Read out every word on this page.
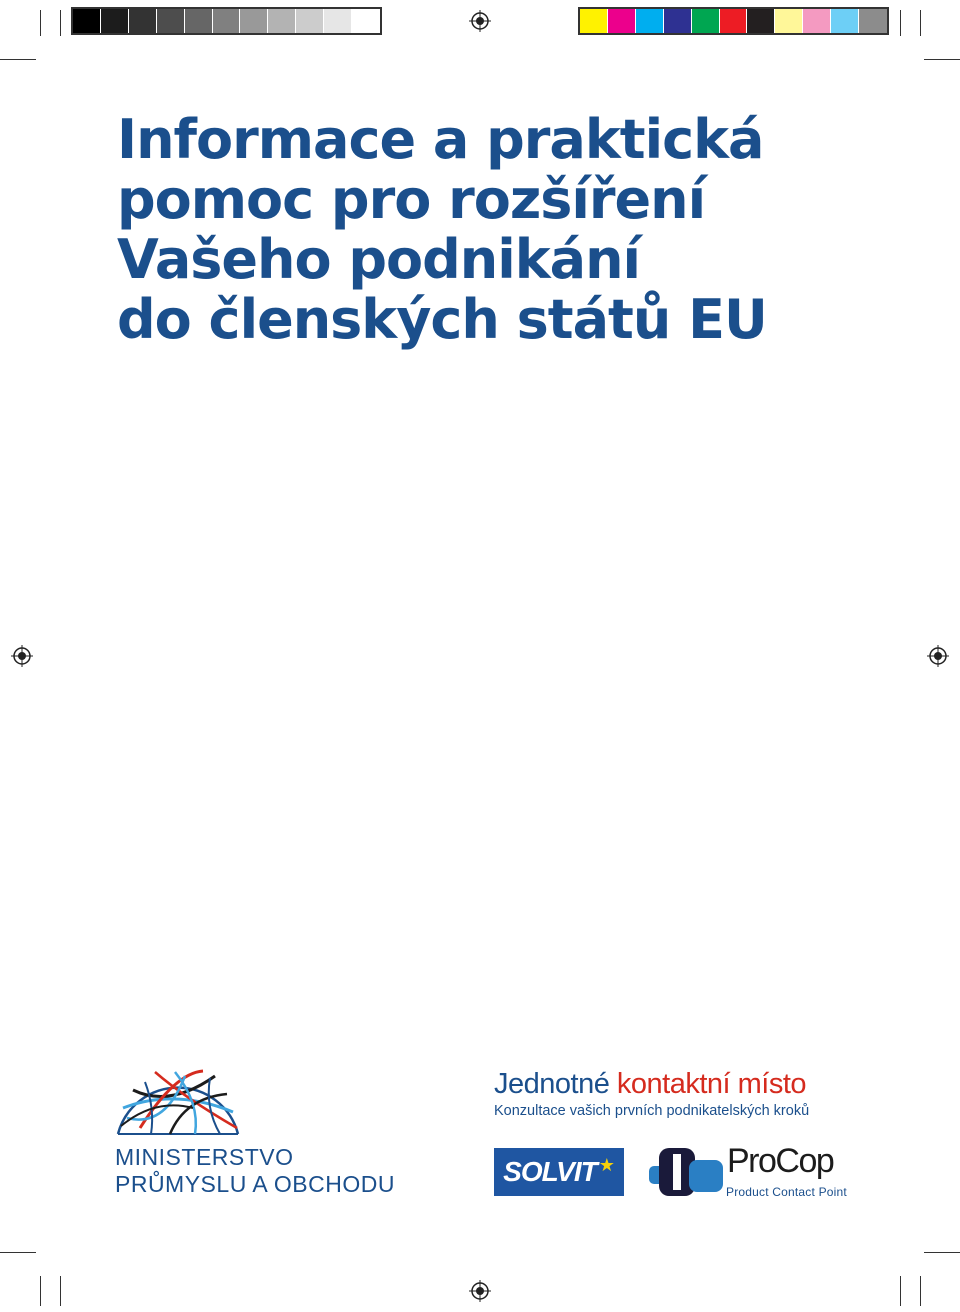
Informace a praktická
pomoc pro rozšíření
Vašeho podnikání
do členských států EU
MINISTERSTVO
PRŮMYSLU A OBCHODU
Jednotné kontaktní místo
Konzultace vašich prvních podnikatelských kroků
SOLVIT ★	ProCop
Product Contact Point
